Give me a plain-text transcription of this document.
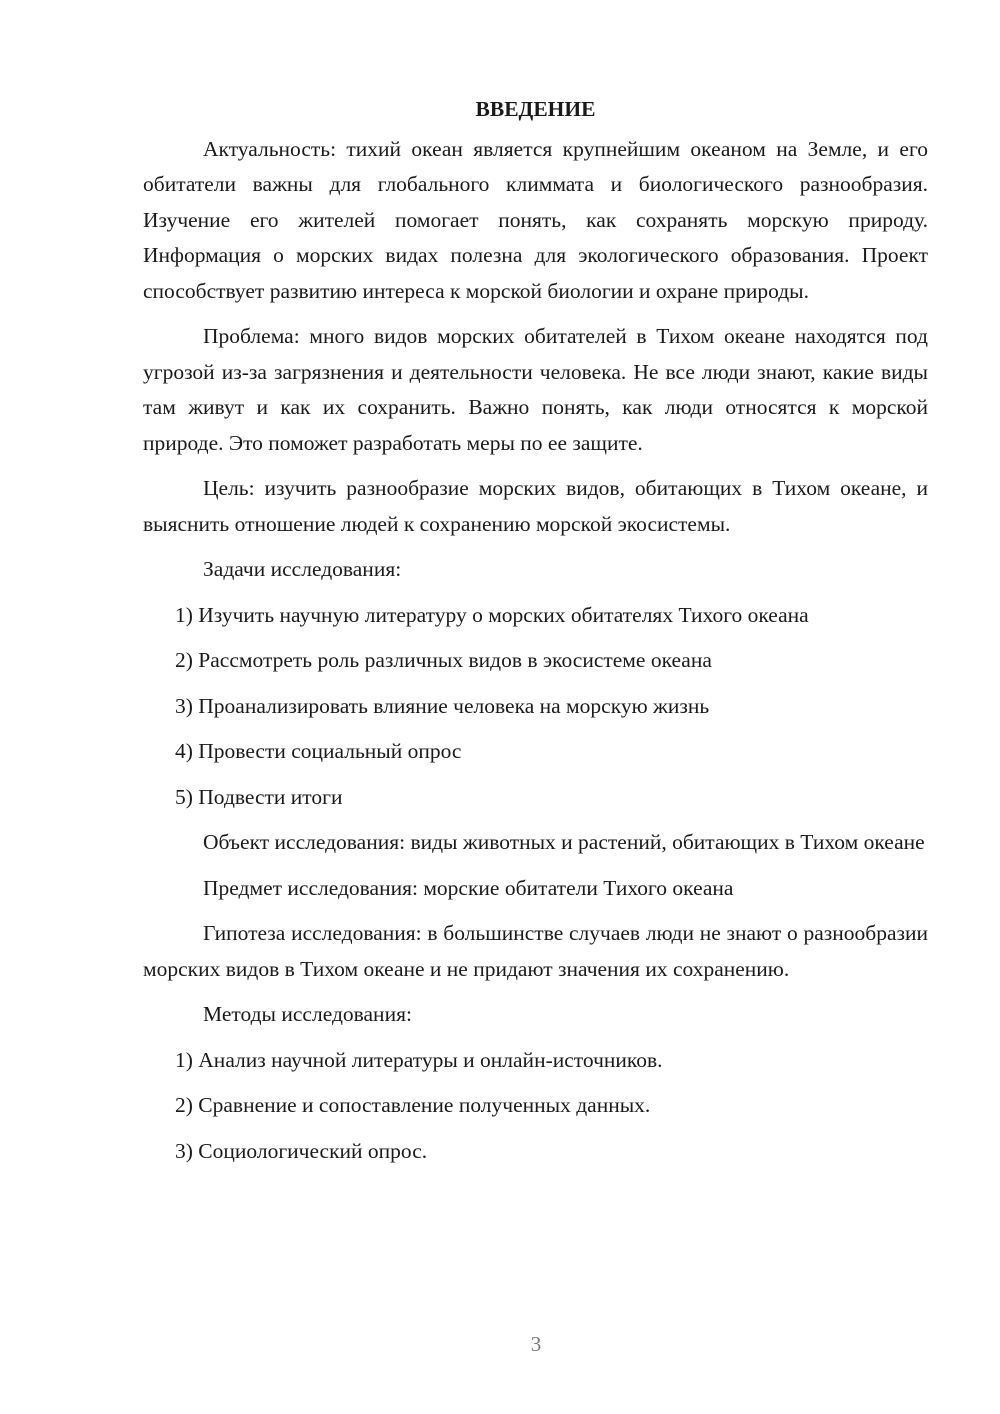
ВВЕДЕНИЕ

Актуальность: тихий океан является крупнейшим океаном на Земле, и его обитатели важны для глобального климмата и биологического разнообразия. Изучение его жителей помогает понять, как сохранять морскую природу. Информация о морских видах полезна для экологического образования. Проект способствует развитию интереса к морской биологии и охране природы.

Проблема: много видов морских обитателей в Тихом океане находятся под угрозой из-за загрязнения и деятельности человека. Не все люди знают, какие виды там живут и как их сохранить. Важно понять, как люди относятся к морской природе. Это поможет разработать меры по ее защите.

Цель: изучить разнообразие морских видов, обитающих в Тихом океане, и выяснить отношение людей к сохранению морской экосистемы.

Задачи исследования:

1) Изучить научную литературу о морских обитателях Тихого океана

2) Рассмотреть роль различных видов в экосистеме океана

3) Проанализировать влияние человека на морскую жизнь

4) Провести социальный опрос

5) Подвести итоги

Объект исследования: виды животных и растений, обитающих в Тихом океане

Предмет исследования: морские обитатели Тихого океана

Гипотеза исследования: в большинстве случаев люди не знают о разнообразии морских видов в Тихом океане и не придают значения их сохранению.

Методы исследования:

1) Анализ научной литературы и онлайн-источников.

2) Сравнение и сопоставление полученных данных.

3) Социологический опрос.

3
